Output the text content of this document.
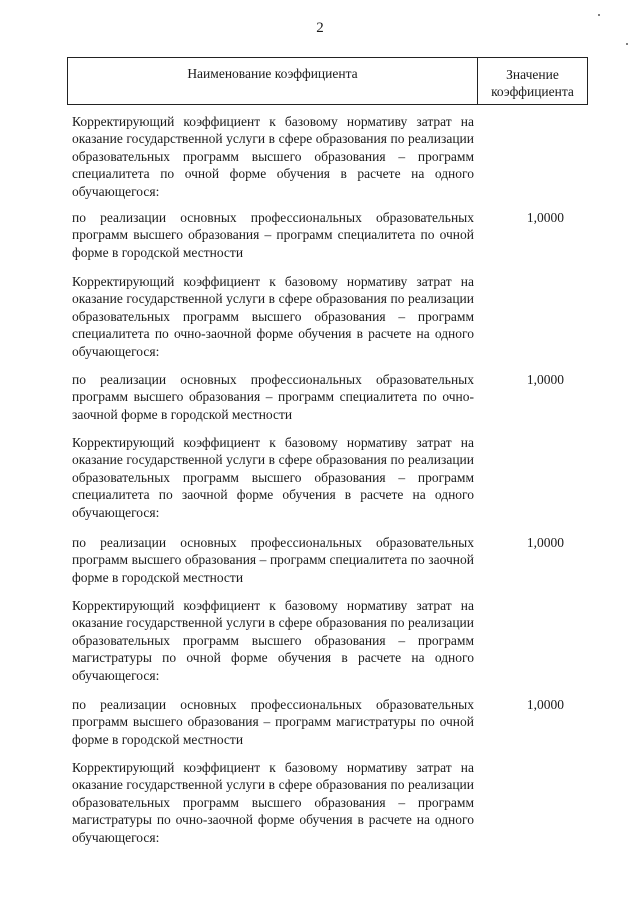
2
Наименование коэффициента	Значение коэффициента

Корректирующий коэффициент к базовому нормативу затрат на оказание государственной услуги в сфере образования по реализации образовательных программ высшего образования – программ специалитета по очной форме обучения в расчете на одного обучающегося:

по реализации основных профессиональных образовательных программ высшего образования – программ специалитета по очной форме в городской местности

1,0000

Корректирующий коэффициент к базовому нормативу затрат на оказание государственной услуги в сфере образования по реализации образовательных программ высшего образования – программ специалитета по очно-заочной форме обучения в расчете на одного обучающегося:

по реализации основных профессиональных образовательных программ высшего образования – программ специалитета по очно-заочной форме в городской местности

1,0000

Корректирующий коэффициент к базовому нормативу затрат на оказание государственной услуги в сфере образования по реализации образовательных программ высшего образования – программ специалитета по заочной форме обучения в расчете на одного обучающегося:

по реализации основных профессиональных образовательных программ высшего образования – программ специалитета по заочной форме в городской местности

1,0000

Корректирующий коэффициент к базовому нормативу затрат на оказание государственной услуги в сфере образования по реализации образовательных программ высшего образования – программ магистратуры по очной форме обучения в расчете на одного обучающегося:

по реализации основных профессиональных образовательных программ высшего образования – программ магистратуры по очной форме в городской местности

1,0000

Корректирующий коэффициент к базовому нормативу затрат на оказание государственной услуги в сфере образования по реализации образовательных программ высшего образования – программ магистратуры по очно-заочной форме обучения в расчете на одного обучающегося:
